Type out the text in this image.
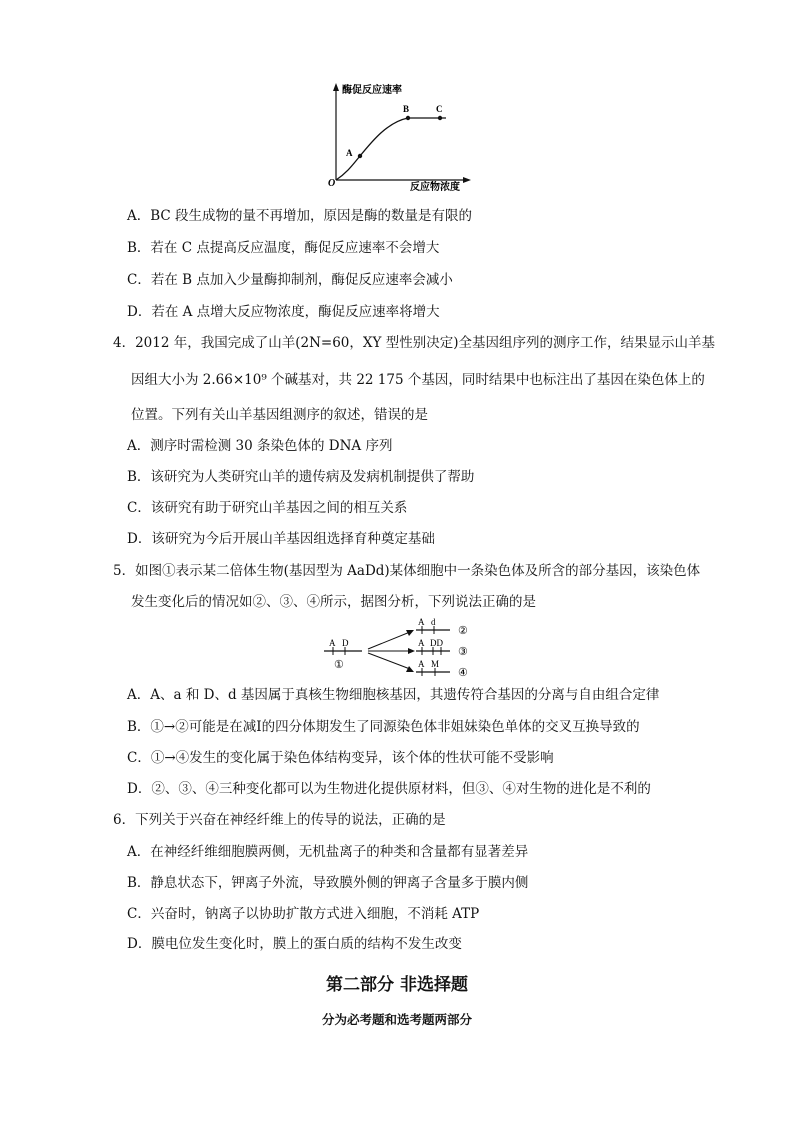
酶促反应速率
反应物浓度
O
A
B	C
A．BC 段生成物的量不再增加，原因是酶的数量是有限的
B．若在 C 点提高反应温度，酶促反应速率不会增大
C．若在 B 点加入少量酶抑制剂，酶促反应速率会减小
D．若在 A 点增大反应物浓度，酶促反应速率将增大
4．2012 年，我国完成了山羊(2N=60，XY 型性别决定)全基因组序列的测序工作，结果显示山羊基
因组大小为 2.66×10⁹ 个碱基对，共 22 175 个基因，同时结果中也标注出了基因在染色体上的
位置。下列有关山羊基因组测序的叙述，错误的是
A．测序时需检测 30 条染色体的 DNA 序列
B．该研究为人类研究山羊的遗传病及发病机制提供了帮助
C．该研究有助于研究山羊基因之间的相互关系
D．该研究为今后开展山羊基因组选择育种奠定基础
5．如图①表示某二倍体生物(基因型为 AaDd)某体细胞中一条染色体及所含的部分基因，该染色体
发生变化后的情况如②、③、④所示，据图分析，下列说法正确的是
A D
①
A d
②
A DD
③
A M
④
A．A、a 和 D、d 基因属于真核生物细胞核基因，其遗传符合基因的分离与自由组合定律
B．①→②可能是在减Ⅰ的四分体期发生了同源染色体非姐妹染色单体的交叉互换导致的
C．①→④发生的变化属于染色体结构变异，该个体的性状可能不受影响
D．②、③、④三种变化都可以为生物进化提供原材料，但③、④对生物的进化是不利的
6．下列关于兴奋在神经纤维上的传导的说法，正确的是
A．在神经纤维细胞膜两侧，无机盐离子的种类和含量都有显著差异
B．静息状态下，钾离子外流，导致膜外侧的钾离子含量多于膜内侧
C．兴奋时，钠离子以协助扩散方式进入细胞，不消耗 ATP
D．膜电位发生变化时，膜上的蛋白质的结构不发生改变
第二部分 非选择题
分为必考题和选考题两部分
